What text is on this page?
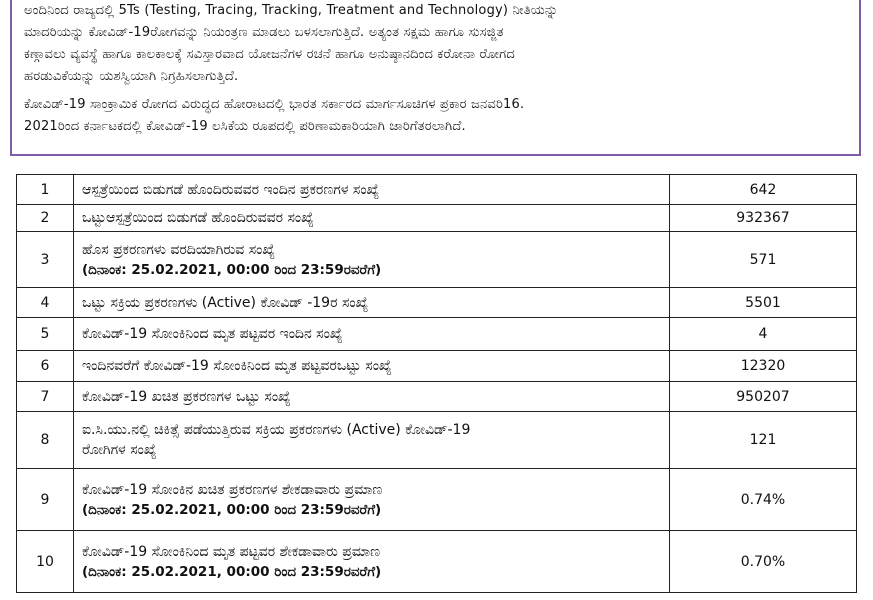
ಅಂದಿನಿಂದ ರಾಜ್ಯದಲ್ಲಿ 5Ts (Testing, Tracing, Tracking, Treatment and Technology) ನೀತಿಯನ್ನು

ಮಾದರಿಯನ್ನು ಕೋವಿಡ್-19ರೋಗವನ್ನು ನಿಯಂತ್ರಣ ಮಾಡಲು ಬಳಸಲಾಗುತ್ತಿದೆ. ಅತ್ಯಂತ ಸಕ್ಷಮ ಹಾಗೂ ಸುಸಜ್ಜಿತ

ಕಣ್ಗಾವಲು ವ್ಯವಸ್ಥೆ ಹಾಗೂ ಕಾಲಕಾಲಕ್ಕೆ ಸವಿಸ್ತಾರವಾದ ಯೋಜನೆಗಳ ರಚನೆ ಹಾಗೂ ಅನುಷ್ಠಾನದಿಂದ ಕರೋನಾ ರೋಗದ

ಹರಡುವಿಕೆಯನ್ನು ಯಶಸ್ವಿಯಾಗಿ ನಿಗ್ರಹಿಸಲಾಗುತ್ತಿದೆ.

ಕೋವಿಡ್-19 ಸಾಂಕ್ರಾಮಿಕ ರೋಗದ ವಿರುದ್ಧದ ಹೋರಾಟದಲ್ಲಿ ಭಾರತ ಸರ್ಕಾರದ ಮಾರ್ಗಸೂಚಿಗಳ ಪ್ರಕಾರ ಜನವರಿ16.

2021ರಿಂದ ಕರ್ನಾಟಕದಲ್ಲಿ ಕೋವಿಡ್-19 ಲಸಿಕೆಯ ರೂಪದಲ್ಲಿ ಪರಿಣಾಮಕಾರಿಯಾಗಿ ಜಾರಿಗೆತರಲಾಗಿದೆ.

1	ಆಸ್ಪತ್ರೆಯಿಂದ ಬಿಡುಗಡೆ ಹೊಂದಿರುವವರ ಇಂದಿನ ಪ್ರಕರಣಗಳ ಸಂಖ್ಯೆ	642
2	ಒಟ್ಟುಆಸ್ಪತ್ರೆಯಿಂದ ಬಿಡುಗಡೆ ಹೊಂದಿರುವವರ ಸಂಖ್ಯೆ	932367
3	ಹೊಸ ಪ್ರಕರಣಗಳು ವರದಿಯಾಗಿರುವ ಸಂಖ್ಯೆ
(ದಿನಾಂಕ: 25.02.2021, 00:00 ರಿಂದ 23:59ರವರೆಗೆ)	571
4	ಒಟ್ಟು ಸಕ್ರಿಯ ಪ್ರಕರಣಗಳು (Active) ಕೋವಿಡ್ -19ರ ಸಂಖ್ಯೆ	5501
5	ಕೋವಿಡ್-19 ಸೋಂಕಿನಿಂದ ಮೃತ ಪಟ್ಟವರ ಇಂದಿನ ಸಂಖ್ಯೆ	4
6	ಇಂದಿನವರೆಗೆ ಕೋವಿಡ್-19 ಸೋಂಕಿನಿಂದ ಮೃತ ಪಟ್ಟವರಒಟ್ಟು ಸಂಖ್ಯೆ	12320
7	ಕೋವಿಡ್-19 ಖಚಿತ ಪ್ರಕರಣಗಳ ಒಟ್ಟು ಸಂಖ್ಯೆ	950207
8	ಐ.ಸಿ.ಯು.ನಲ್ಲಿ ಚಿಕಿತ್ಸೆ ಪಡೆಯುತ್ತಿರುವ ಸಕ್ರಿಯ ಪ್ರಕರಣಗಳು (Active) ಕೋವಿಡ್-19
ರೋಗಿಗಳ ಸಂಖ್ಯೆ	121
9	ಕೋವಿಡ್-19 ಸೋಂಕಿನ ಖಚಿತ ಪ್ರಕರಣಗಳ ಶೇಕಡಾವಾರು ಪ್ರಮಾಣ
(ದಿನಾಂಕ: 25.02.2021, 00:00 ರಿಂದ 23:59ರವರೆಗೆ)	0.74%
10	ಕೋವಿಡ್-19 ಸೋಂಕಿನಿಂದ ಮೃತ ಪಟ್ಟವರ ಶೇಕಡಾವಾರು ಪ್ರಮಾಣ
(ದಿನಾಂಕ: 25.02.2021, 00:00 ರಿಂದ 23:59ರವರೆಗೆ)	0.70%
